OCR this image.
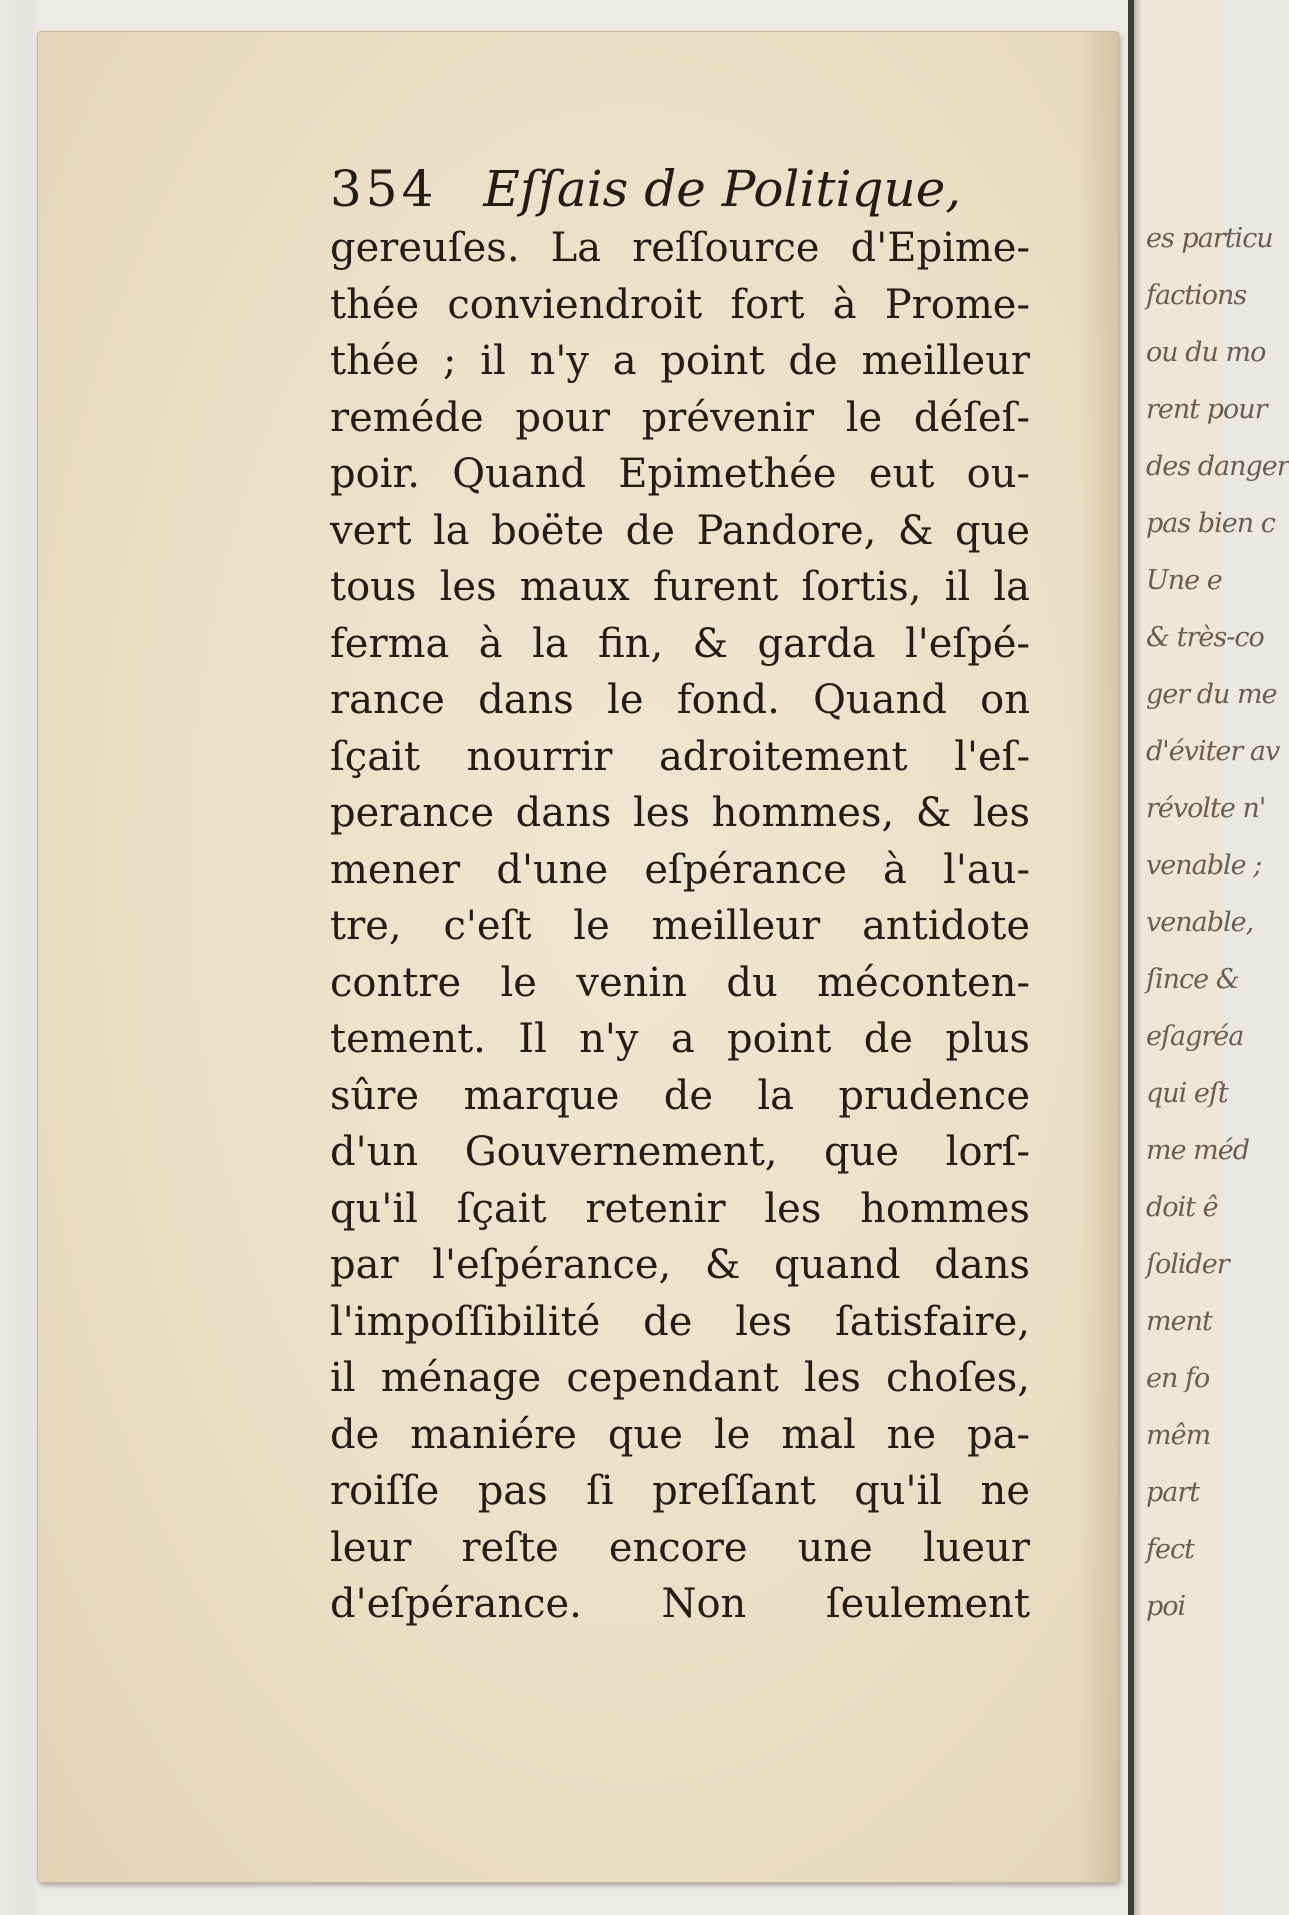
es particu
factions
ou du mo
rent pour
des danger
pas bien c
Une e
& très-co
ger du me
d'éviter av
révolte n'
venable ;
venable,
ſince &
eſagréa
qui eſt
me méd
doit ê
ſolider
ment
en fo
mêm
part
fect
poi
354 Eſſais de Politique,
gereuſes. La reſſource d'Epime-
thée conviendroit fort à Prome-
thée ; il n'y a point de meilleur
reméde pour prévenir le déſeſ-
poir. Quand Epimethée eut ou-
vert la boëte de Pandore, & que
tous les maux furent ſortis, il la
ferma à la fin, & garda l'eſpé-
rance dans le fond. Quand on
ſçait nourrir adroitement l'eſ-
perance dans les hommes, & les
mener d'une eſpérance à l'au-
tre, c'eſt le meilleur antidote
contre le venin du méconten-
tement. Il n'y a point de plus
sûre marque de la prudence
d'un Gouvernement, que lorſ-
qu'il ſçait retenir les hommes
par l'eſpérance, & quand dans
l'impoſſibilité de les ſatisfaire,
il ménage cependant les choſes,
de maniére que le mal ne pa-
roiſſe pas ſi preſſant qu'il ne
leur reſte encore une lueur
d'eſpérance. Non ſeulement
